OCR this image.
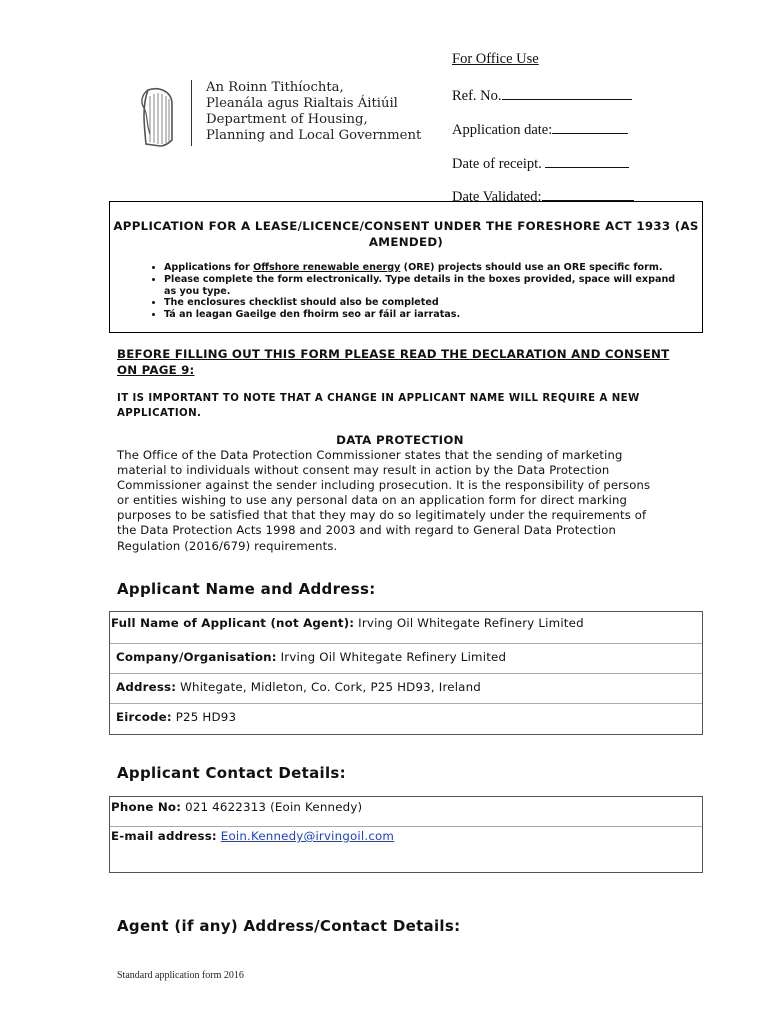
An Roinn Tithíochta,
Pleanála agus Rialtais Áitiúil
Department of Housing,
Planning and Local Government
For Office Use
Ref. No.
Application date:
Date of receipt.
Date Validated:
APPLICATION FOR A LEASE/LICENCE/CONSENT UNDER THE FORESHORE ACT 1933 (AS AMENDED)
• Applications for Offshore renewable energy (ORE) projects should use an ORE specific form.
• Please complete the form electronically. Type details in the boxes provided, space will expand as you type.
• The enclosures checklist should also be completed
• Tá an leagan Gaeilge den fhoirm seo ar fáil ar iarratas.
BEFORE FILLING OUT THIS FORM PLEASE READ THE DECLARATION AND CONSENT ON PAGE 9:
IT IS IMPORTANT TO NOTE THAT A CHANGE IN APPLICANT NAME WILL REQUIRE A NEW APPLICATION.
DATA PROTECTION
The Office of the Data Protection Commissioner states that the sending of marketing material to individuals without consent may result in action by the Data Protection Commissioner against the sender including prosecution. It is the responsibility of persons or entities wishing to use any personal data on an application form for direct marking purposes to be satisfied that that they may do so legitimately under the requirements of the Data Protection Acts 1998 and 2003 and with regard to General Data Protection Regulation (2016/679) requirements.
Applicant Name and Address:
Full Name of Applicant (not Agent): Irving Oil Whitegate Refinery Limited
Company/Organisation: Irving Oil Whitegate Refinery Limited
Address: Whitegate, Midleton, Co. Cork, P25 HD93, Ireland
Eircode: P25 HD93
Applicant Contact Details:
Phone No: 021 4622313 (Eoin Kennedy)
E-mail address: Eoin.Kennedy@irvingoil.com
Agent (if any) Address/Contact Details:
Standard application form 2016
